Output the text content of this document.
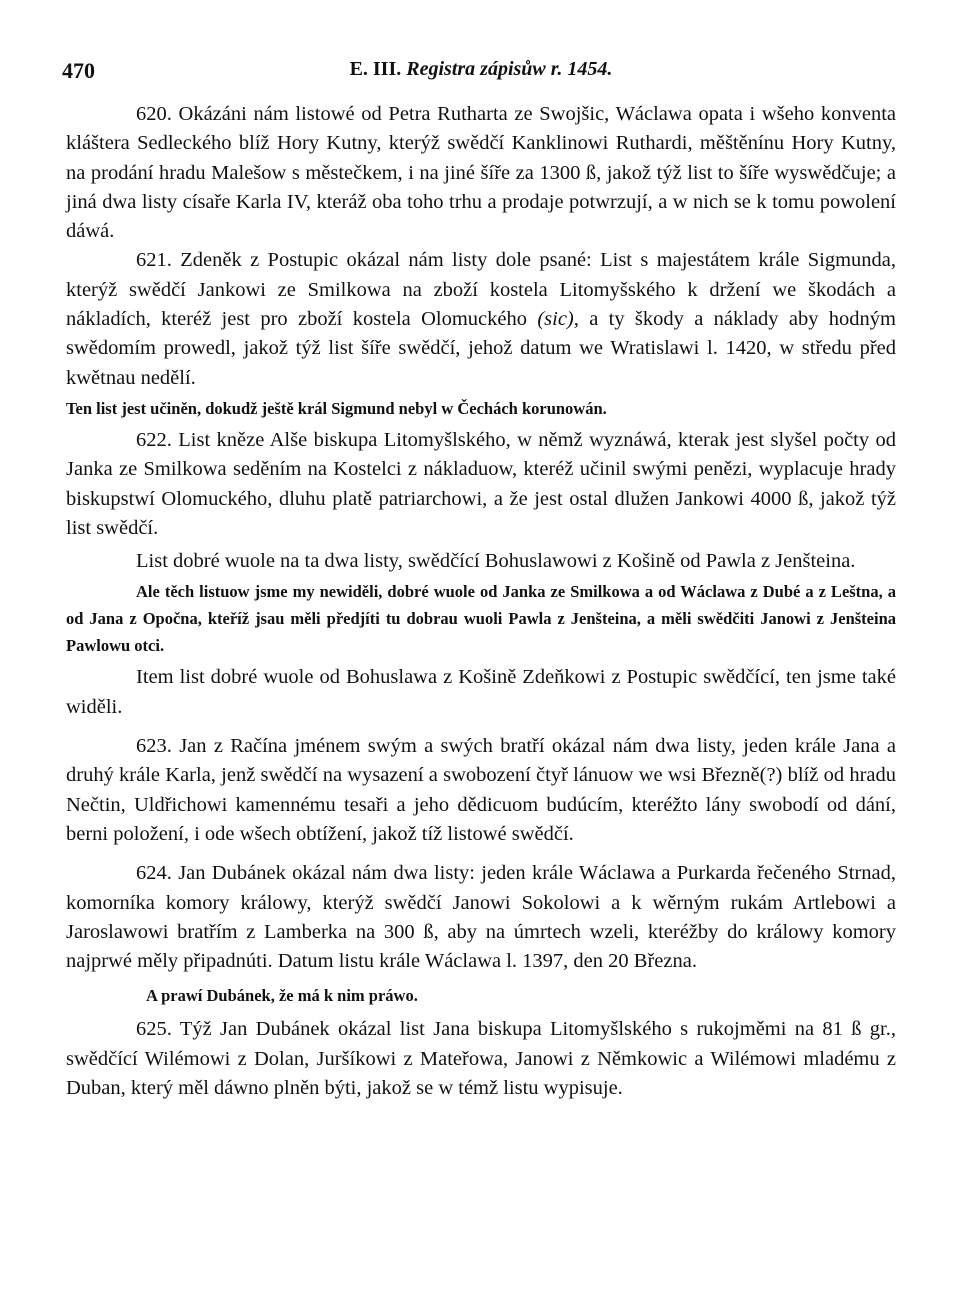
470	E. III. Registra zápisůw r. 1454.

620. Okázáni nám listowé od Petra Rutharta ze Swojšic, Wáclawa opata i wšeho konventa kláštera Sedleckého blíž Hory Kutny, kterýž swědčí Kanklinowi Ruthardi, měštěnínu Hory Kutny, na prodání hradu Malešow s městečkem, i na jiné šíře za 1300 ß, jakož týž list to šíře wyswědčuje; a jiná dwa listy císaře Karla IV, kteráž oba toho trhu a prodaje potwrzují, a w nich se k tomu powolení dáwá.

621. Zdeněk z Postupic okázal nám listy dole psané: List s majestátem krále Sigmunda, kterýž swědčí Jankowi ze Smilkowa na zboží kostela Litomyšského k držení we škodách a nákladích, kteréž jest pro zboží kostela Olomuckého (sic), a ty škody a náklady aby hodným swědomím prowedl, jakož týž list šíře swědčí, jehož datum we Wratislawi l. 1420, w středu před kwětnau nedělí.

Ten list jest učiněn, dokudž ještě král Sigmund nebyl w Čechách korunowán.

622. List kněze Alše biskupa Litomyšlského, w němž wyznáwá, kterak jest slyšel počty od Janka ze Smilkowa seděním na Kostelci z nákladuow, kteréž učinil swými penězi, wyplacuje hrady biskupstwí Olomuckého, dluhu platě patriarchowi, a že jest ostal dlužen Jankowi 4000 ß, jakož týž list swědčí.

List dobré wuole na ta dwa listy, swědčící Bohuslawowi z Košině od Pawla z Jenšteina.

Ale těch listuow jsme my newiděli, dobré wuole od Janka ze Smilkowa a od Wáclawa z Dubé a z Leštna, a od Jana z Opočna, kteříž jsau měli předjíti tu dobrau wuoli Pawla z Jenšteina, a měli swědčiti Janowi z Jenšteina Pawlowu otci.

Item list dobré wuole od Bohuslawa z Košině Zdeňkowi z Postupic swědčící, ten jsme také widěli.

623. Jan z Račína jménem swým a swých bratří okázal nám dwa listy, jeden krále Jana a druhý krále Karla, jenž swědčí na wysazení a swobození čtyř lánuow we wsi Březně(?) blíž od hradu Nečtin, Uldřichowi kamennému tesaři a jeho dědicuom budúcím, kteréžto lány swobodí od dání, berni položení, i ode wšech obtížení, jakož tíž listowé swědčí.

624. Jan Dubánek okázal nám dwa listy: jeden krále Wáclawa a Purkarda řečeného Strnad, komorníka komory králowy, kterýž swědčí Janowi Sokolowi a k wěrným rukám Artlebowi a Jaroslawowi bratřím z Lamberka na 300 ß, aby na úmrtech wzeli, kteréžby do králowy komory najprwé měly připadnúti. Datum listu krále Wáclawa l. 1397, den 20 Března.

A prawí Dubánek, že má k nim práwo.

625. Týž Jan Dubánek okázal list Jana biskupa Litomyšlského s rukojměmi na 81 ß gr., swědčící Wilémowi z Dolan, Juršíkowi z Mateřowa, Janowi z Němkowic a Wilémowi mladému z Duban, který měl dáwno plněn býti, jakož se w témž listu wypisuje.
